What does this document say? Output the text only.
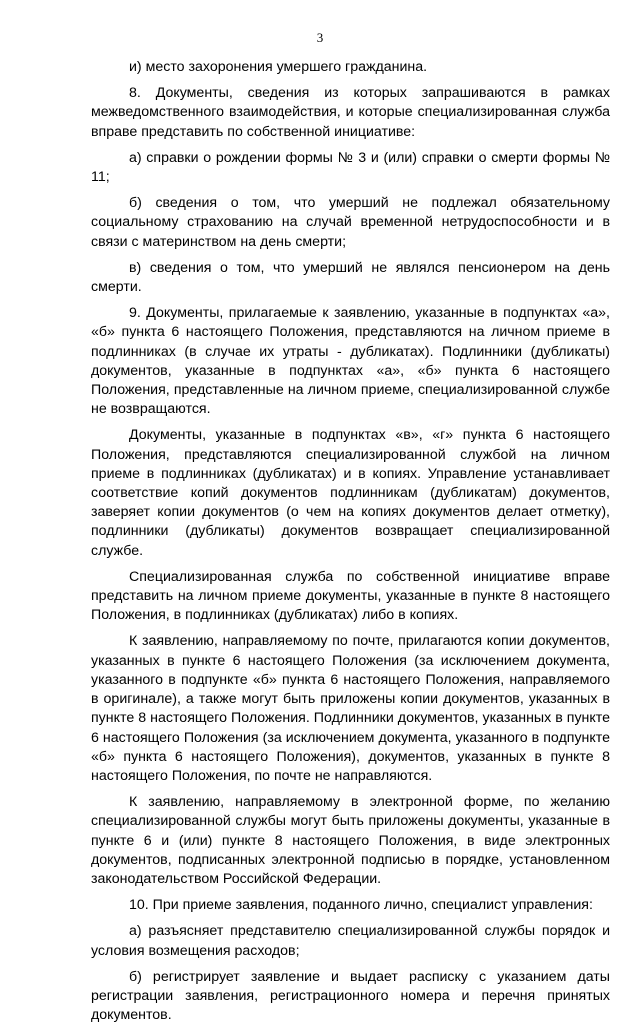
3

и) место захоронения умершего гражданина.

8. Документы, сведения из которых запрашиваются в рамках межведомственного взаимодействия, и которые специализированная служба вправе представить по собственной инициативе:

а) справки о рождении формы № 3 и (или) справки о смерти формы № 11;

б) сведения о том, что умерший не подлежал обязательному социальному страхованию на случай временной нетрудоспособности и в связи с материнством на день смерти;

в) сведения о том, что умерший не являлся пенсионером на день смерти.

9. Документы, прилагаемые к заявлению, указанные в подпунктах «а», «б» пункта 6 настоящего Положения, представляются на личном приеме в подлинниках (в случае их утраты - дубликатах). Подлинники (дубликаты) документов, указанные в подпунктах «а», «б» пункта 6 настоящего Положения, представленные на личном приеме, специализированной службе не возвращаются.

Документы, указанные в подпунктах «в», «г» пункта 6 настоящего Положения, представляются специализированной службой на личном приеме в подлинниках (дубликатах) и в копиях. Управление устанавливает соответствие копий документов подлинникам (дубликатам) документов, заверяет копии документов (о чем на копиях документов делает отметку), подлинники (дубликаты) документов возвращает специализированной службе.

Специализированная служба по собственной инициативе вправе представить на личном приеме документы, указанные в пункте 8 настоящего Положения, в подлинниках (дубликатах) либо в копиях.

К заявлению, направляемому по почте, прилагаются копии документов, указанных в пункте 6 настоящего Положения (за исключением документа, указанного в подпункте «б» пункта 6 настоящего Положения, направляемого в оригинале), а также могут быть приложены копии документов, указанных в пункте 8 настоящего Положения. Подлинники документов, указанных в пункте 6 настоящего Положения (за исключением документа, указанного в подпункте «б» пункта 6 настоящего Положения), документов, указанных в пункте 8 настоящего Положения, по почте не направляются.

К заявлению, направляемому в электронной форме, по желанию специализированной службы могут быть приложены документы, указанные в пункте 6 и (или) пункте 8 настоящего Положения, в виде электронных документов, подписанных электронной подписью в порядке, установленном законодательством Российской Федерации.

10. При приеме заявления, поданного лично, специалист управления:

а) разъясняет представителю специализированной службы порядок и условия возмещения расходов;

б) регистрирует заявление и выдает расписку с указанием даты регистрации заявления, регистрационного номера и перечня принятых документов.
